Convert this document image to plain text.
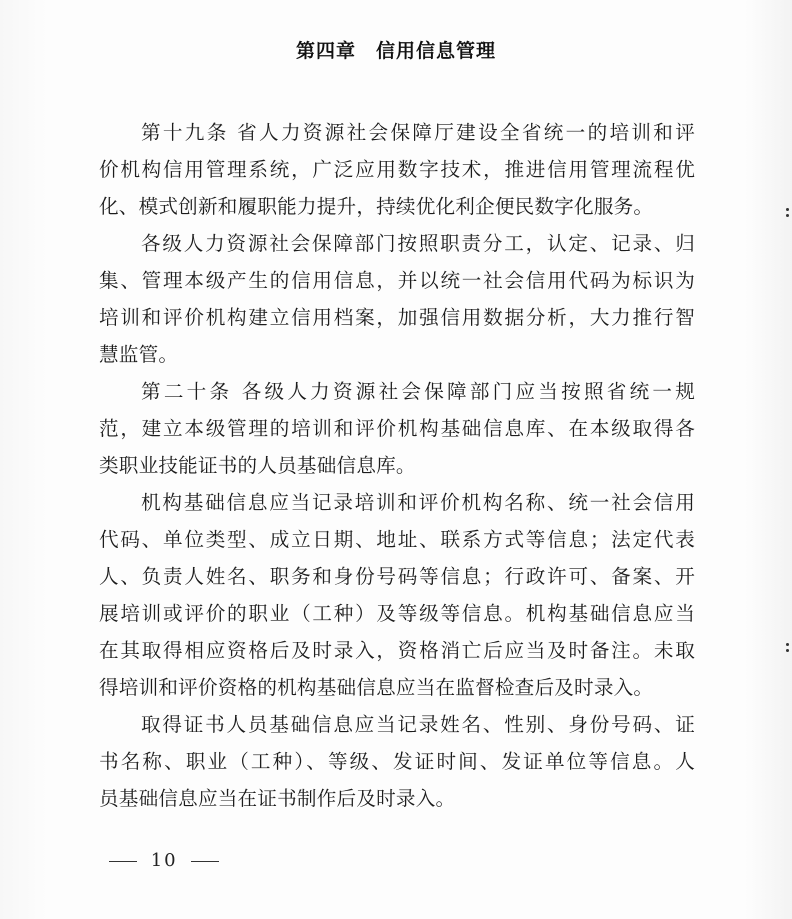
第四章　信用信息管理
第十九条 省人力资源社会保障厅建设全省统一的培训和评
价机构信用管理系统，广泛应用数字技术，推进信用管理流程优
化、模式创新和履职能力提升，持续优化利企便民数字化服务。
各级人力资源社会保障部门按照职责分工，认定、记录、归
集、管理本级产生的信用信息，并以统一社会信用代码为标识为
培训和评价机构建立信用档案，加强信用数据分析，大力推行智
慧监管。
第二十条 各级人力资源社会保障部门应当按照省统一规
范，建立本级管理的培训和评价机构基础信息库、在本级取得各
类职业技能证书的人员基础信息库。
机构基础信息应当记录培训和评价机构名称、统一社会信用
代码、单位类型、成立日期、地址、联系方式等信息；法定代表
人、负责人姓名、职务和身份号码等信息；行政许可、备案、开
展培训或评价的职业（工种）及等级等信息。机构基础信息应当
在其取得相应资格后及时录入，资格消亡后应当及时备注。未取
得培训和评价资格的机构基础信息应当在监督检查后及时录入。
取得证书人员基础信息应当记录姓名、性别、身份号码、证
书名称、职业（工种）、等级、发证时间、发证单位等信息。人
员基础信息应当在证书制作后及时录入。
10
